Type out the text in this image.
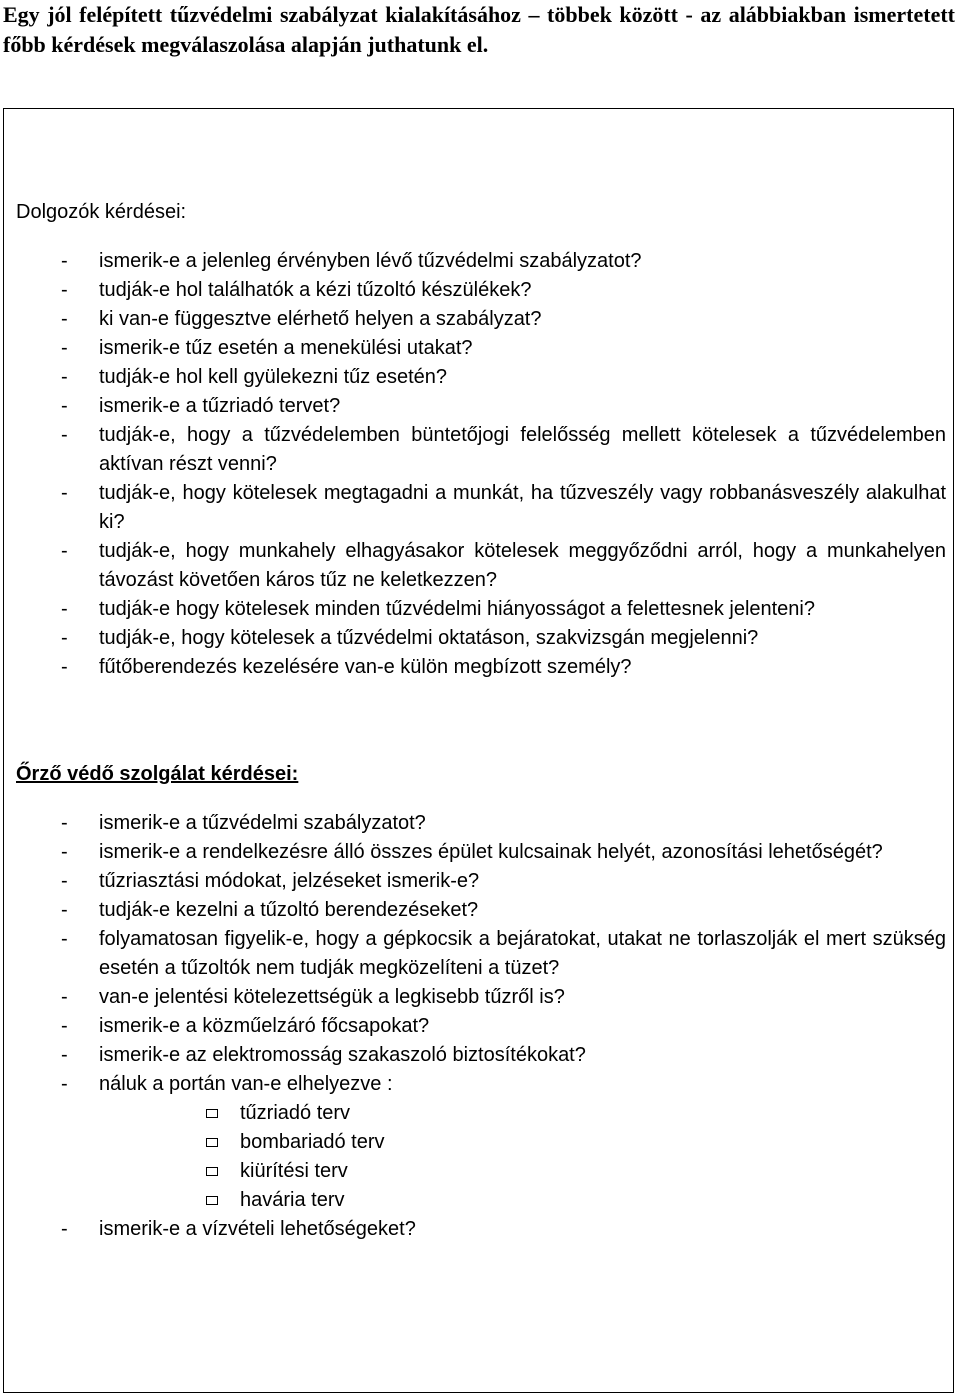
Egy jól felépített tűzvédelmi szabályzat kialakításához – többek között - az alábbiakban ismertetett főbb kérdések megválaszolása alapján juthatunk el.

Dolgozók kérdései:

- ismerik-e a jelenleg érvényben lévő tűzvédelmi szabályzatot?
- tudják-e hol találhatók a kézi tűzoltó készülékek?
- ki van-e függesztve elérhető helyen a szabályzat?
- ismerik-e tűz esetén a menekülési utakat?
- tudják-e hol kell gyülekezni tűz esetén?
- ismerik-e a tűzriadó tervet?
- tudják-e, hogy a tűzvédelemben büntetőjogi felelősség mellett kötelesek a tűzvédelemben aktívan részt venni?
- tudják-e, hogy kötelesek megtagadni a munkát, ha tűzveszély vagy robbanásveszély alakulhat ki?
- tudják-e, hogy munkahely elhagyásakor kötelesek meggyőződni arról, hogy a munkahelyen távozást követően káros tűz ne keletkezzen?
- tudják-e hogy kötelesek minden tűzvédelmi hiányosságot a felettesnek jelenteni?
- tudják-e, hogy kötelesek a tűzvédelmi oktatáson, szakvizsgán megjelenni?
- fűtőberendezés kezelésére van-e külön megbízott személy?

Őrző védő szolgálat kérdései:

- ismerik-e a tűzvédelmi szabályzatot?
- ismerik-e a rendelkezésre álló összes épület kulcsainak helyét, azonosítási lehetőségét?
- tűzriasztási módokat, jelzéseket ismerik-e?
- tudják-e kezelni a tűzoltó berendezéseket?
- folyamatosan figyelik-e, hogy a gépkocsik a bejáratokat, utakat ne torlaszolják el mert szükség esetén a tűzoltók nem tudják megközelíteni a tüzet?
- van-e jelentési kötelezettségük a legkisebb tűzről is?
- ismerik-e a közműelzáró főcsapokat?
- ismerik-e az elektromosság szakaszoló biztosítékokat?
- náluk a portán van-e elhelyezve :
tűzriadó terv
bombariadó terv
kiürítési terv
havária terv
- ismerik-e a vízvételi lehetőségeket?
